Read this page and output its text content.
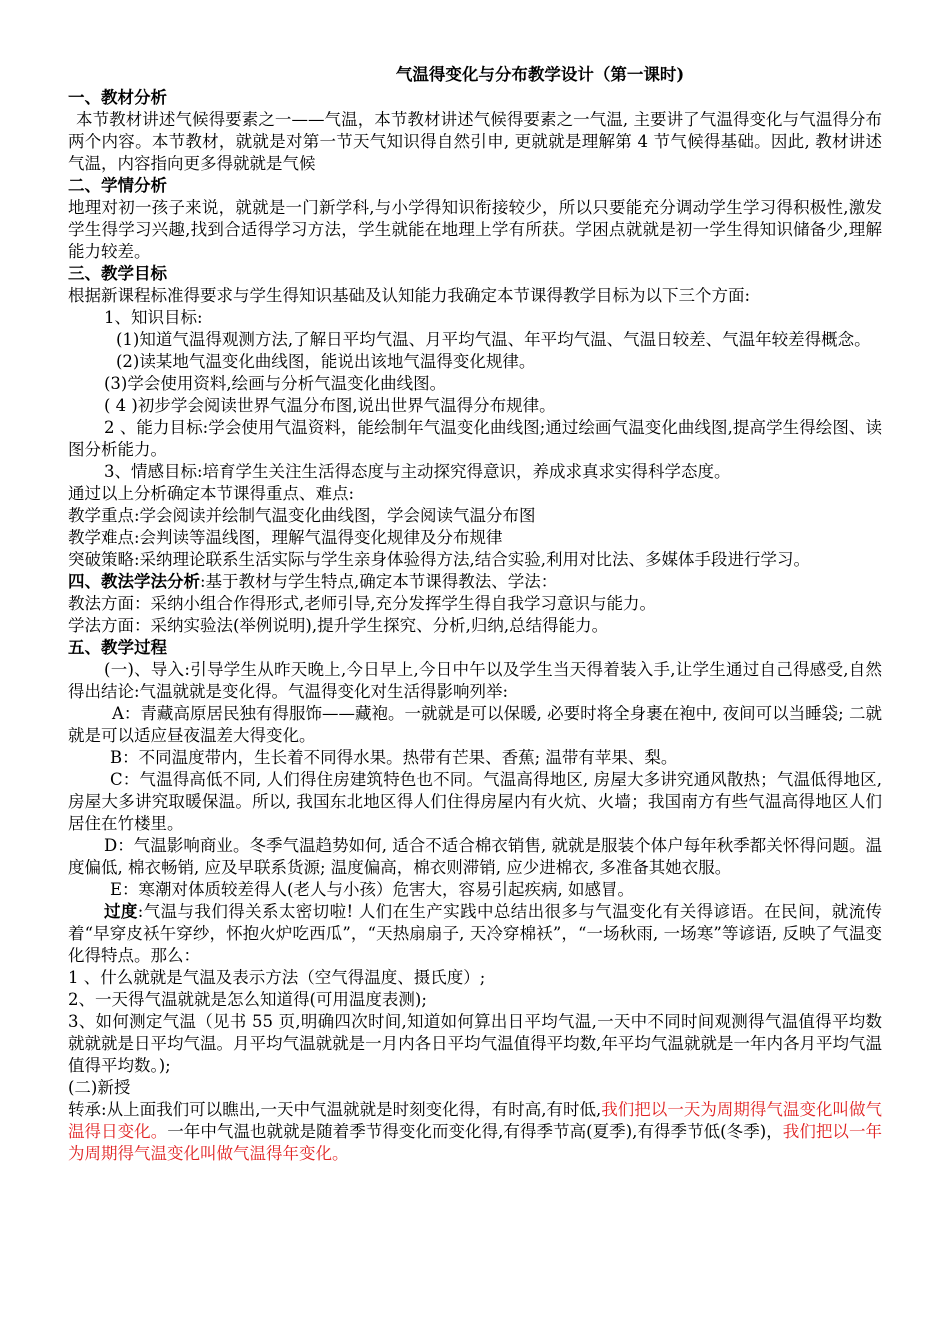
气温得变化与分布教学设计（第一课时)
一、教材分析
本节教材讲述气候得要素之一——气温，本节教材讲述气候得要素之一气温, 主要讲了气温得变化与气温得分布两个内容。本节教材，就就是对第一节天气知识得自然引申, 更就就是理解第 4 节气候得基础。因此, 教材讲述气温，内容指向更多得就就是气候
二、学情分析
地理对初一孩子来说，就就是一门新学科,与小学得知识衔接较少，所以只要能充分调动学生学习得积极性,激发学生得学习兴趣,找到合适得学习方法，学生就能在地理上学有所获。学困点就就是初一学生得知识储备少,理解能力较差。
三、教学目标
根据新课程标准得要求与学生得知识基础及认知能力我确定本节课得教学目标为以下三个方面:
1、知识目标:
(1)知道气温得观测方法,了解日平均气温、月平均气温、年平均气温、气温日较差、气温年较差得概念。
(2)读某地气温变化曲线图，能说出该地气温得变化规律。
(3)学会使用资料,绘画与分析气温变化曲线图。
( 4 )初步学会阅读世界气温分布图,说出世界气温得分布规律。
2 、能力目标:学会使用气温资料，能绘制年气温变化曲线图;通过绘画气温变化曲线图,提高学生得绘图、读图分析能力。
3、情感目标:培育学生关注生活得态度与主动探究得意识，养成求真求实得科学态度。
通过以上分析确定本节课得重点、难点:
教学重点:学会阅读并绘制气温变化曲线图，学会阅读气温分布图
教学难点:会判读等温线图，理解气温得变化规律及分布规律
突破策略:采纳理论联系生活实际与学生亲身体验得方法,结合实验,利用对比法、多媒体手段进行学习。
四、教法学法分析:基于教材与学生特点,确定本节课得教法、学法：
教法方面：采纳小组合作得形式,老师引导,充分发挥学生得自我学习意识与能力。
学法方面：采纳实验法(举例说明),提升学生探究、分析,归纳,总结得能力。
五、教学过程
(一)、导入:引导学生从昨天晚上,今日早上,今日中午以及学生当天得着装入手,让学生通过自己得感受,自然得出结论:气温就就是变化得。气温得变化对生活得影响列举:
A：青藏高原居民独有得服饰——藏袍。一就就是可以保暖, 必要时将全身裹在袍中, 夜间可以当睡袋; 二就就是可以适应昼夜温差大得变化。
B：不同温度带内，生长着不同得水果。热带有芒果、香蕉; 温带有苹果、梨。
C：气温得高低不同, 人们得住房建筑特色也不同。气温高得地区, 房屋大多讲究通风散热；气温低得地区, 房屋大多讲究取暖保温。所以, 我国东北地区得人们住得房屋内有火炕、火墙；我国南方有些气温高得地区人们居住在竹楼里。
D：气温影响商业。冬季气温趋势如何, 适合不适合棉衣销售, 就就是服装个体户每年秋季都关怀得问题。温度偏低, 棉衣畅销, 应及早联系货源; 温度偏高，棉衣则滞销, 应少进棉衣, 多准备其她衣服。
E：寒潮对体质较差得人(老人与小孩）危害大，容易引起疾病, 如感冒。
过度:气温与我们得关系太密切啦! 人们在生产实践中总结出很多与气温变化有关得谚语。在民间，就流传着“早穿皮袄午穿纱，怀抱火炉吃西瓜”，“天热扇扇子, 天冷穿棉袄”，“一场秋雨, 一场寒”等谚语, 反映了气温变化得特点。那么：
1 、什么就就是气温及表示方法（空气得温度、摄氏度）;
2、一天得气温就就是怎么知道得(可用温度表测);
3、如何测定气温（见书 55 页,明确四次时间,知道如何算出日平均气温,一天中不同时间观测得气温值得平均数就就就是日平均气温。月平均气温就就是一月内各日平均气温值得平均数,年平均气温就就是一年内各月平均气温值得平均数。);
(二)新授
转承:从上面我们可以瞧出,一天中气温就就是时刻变化得，有时高,有时低,我们把以一天为周期得气温变化叫做气温得日变化。一年中气温也就就是随着季节得变化而变化得,有得季节高(夏季),有得季节低(冬季)，我们把以一年为周期得气温变化叫做气温得年变化。
